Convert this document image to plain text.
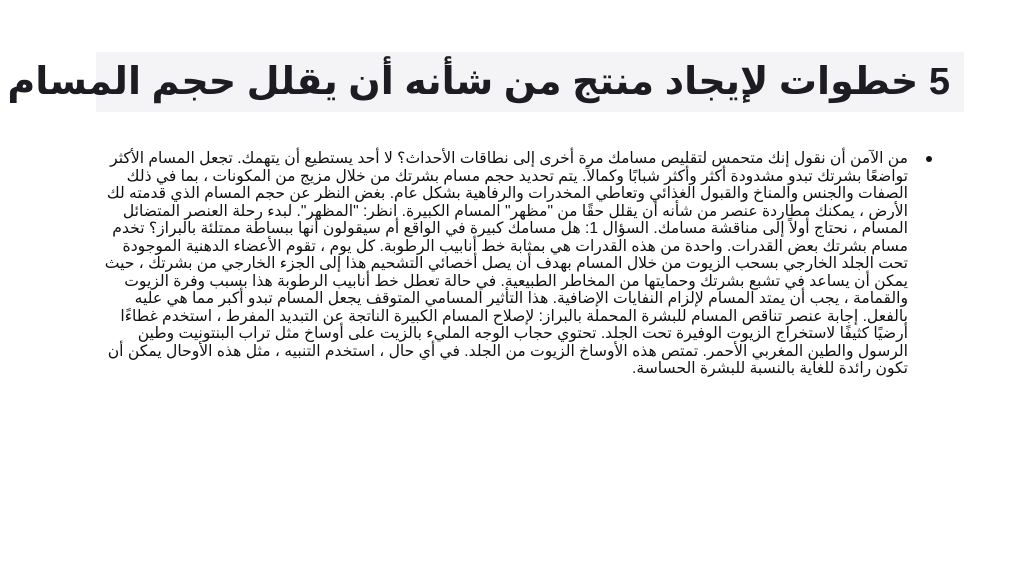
5 خطوات لإيجاد منتج من شأنه أن يقلل حجم المسام
من الآمن أن نقول إنك متحمس لتقليص مسامك مرة أخرى إلى نطاقات الأحداث؟ لا أحد يستطيع أن يتهمك. تجعل المسام الأكثر تواضعًا بشرتك تبدو مشدودة أكثر وأكثر شبابًا وكمالاً. يتم تحديد حجم مسام بشرتك من خلال مزيج من المكونات ، بما في ذلك الصفات والجنس والمناخ والقبول الغذائي وتعاطي المخدرات والرفاهية بشكل عام. بغض النظر عن حجم المسام الذي قدمته لك الأرض ، يمكنك مطاردة عنصر من شأنه أن يقلل حقًا من "مظهر" المسام الكبيرة. انظر: "المظهر". لبدء رحلة العنصر المتضائل المسام ، نحتاج أولاً إلى مناقشة مسامك. السؤال 1: هل مسامك كبيرة في الواقع أم سيقولون أنها ببساطة ممتلئة بالبراز؟ تخدم مسام بشرتك بعض القدرات. واحدة من هذه القدرات هي بمثابة خط أنابيب الرطوبة. كل يوم ، تقوم الأعضاء الدهنية الموجودة تحت الجلد الخارجي بسحب الزيوت من خلال المسام بهدف أن يصل أخصائي التشحيم هذا إلى الجزء الخارجي من بشرتك ، حيث يمكن أن يساعد في تشبع بشرتك وحمايتها من المخاطر الطبيعية. في حالة تعطل خط أنابيب الرطوبة هذا بسبب وفرة الزيوت والقمامة ، يجب أن يمتد المسام لإلزام النفايات الإضافية. هذا التأثير المسامي المتوقف يجعل المسام تبدو أكبر مما هي عليه بالفعل. إجابة عنصر تناقص المسام للبشرة المحملة بالبراز: لإصلاح المسام الكبيرة الناتجة عن التبديد المفرط ، استخدم غطاءًا أرضيًا كثيفًا لاستخراج الزيوت الوفيرة تحت الجلد. تحتوي حجاب الوجه المليء بالزيت على أوساخ مثل تراب البنتونيت وطين الرسول والطين المغربي الأحمر. تمتص هذه الأوساخ الزيوت من الجلد. في أي حال ، استخدم التنبيه ، مثل هذه الأوحال يمكن أن تكون رائدة للغاية بالنسبة للبشرة الحساسة.
